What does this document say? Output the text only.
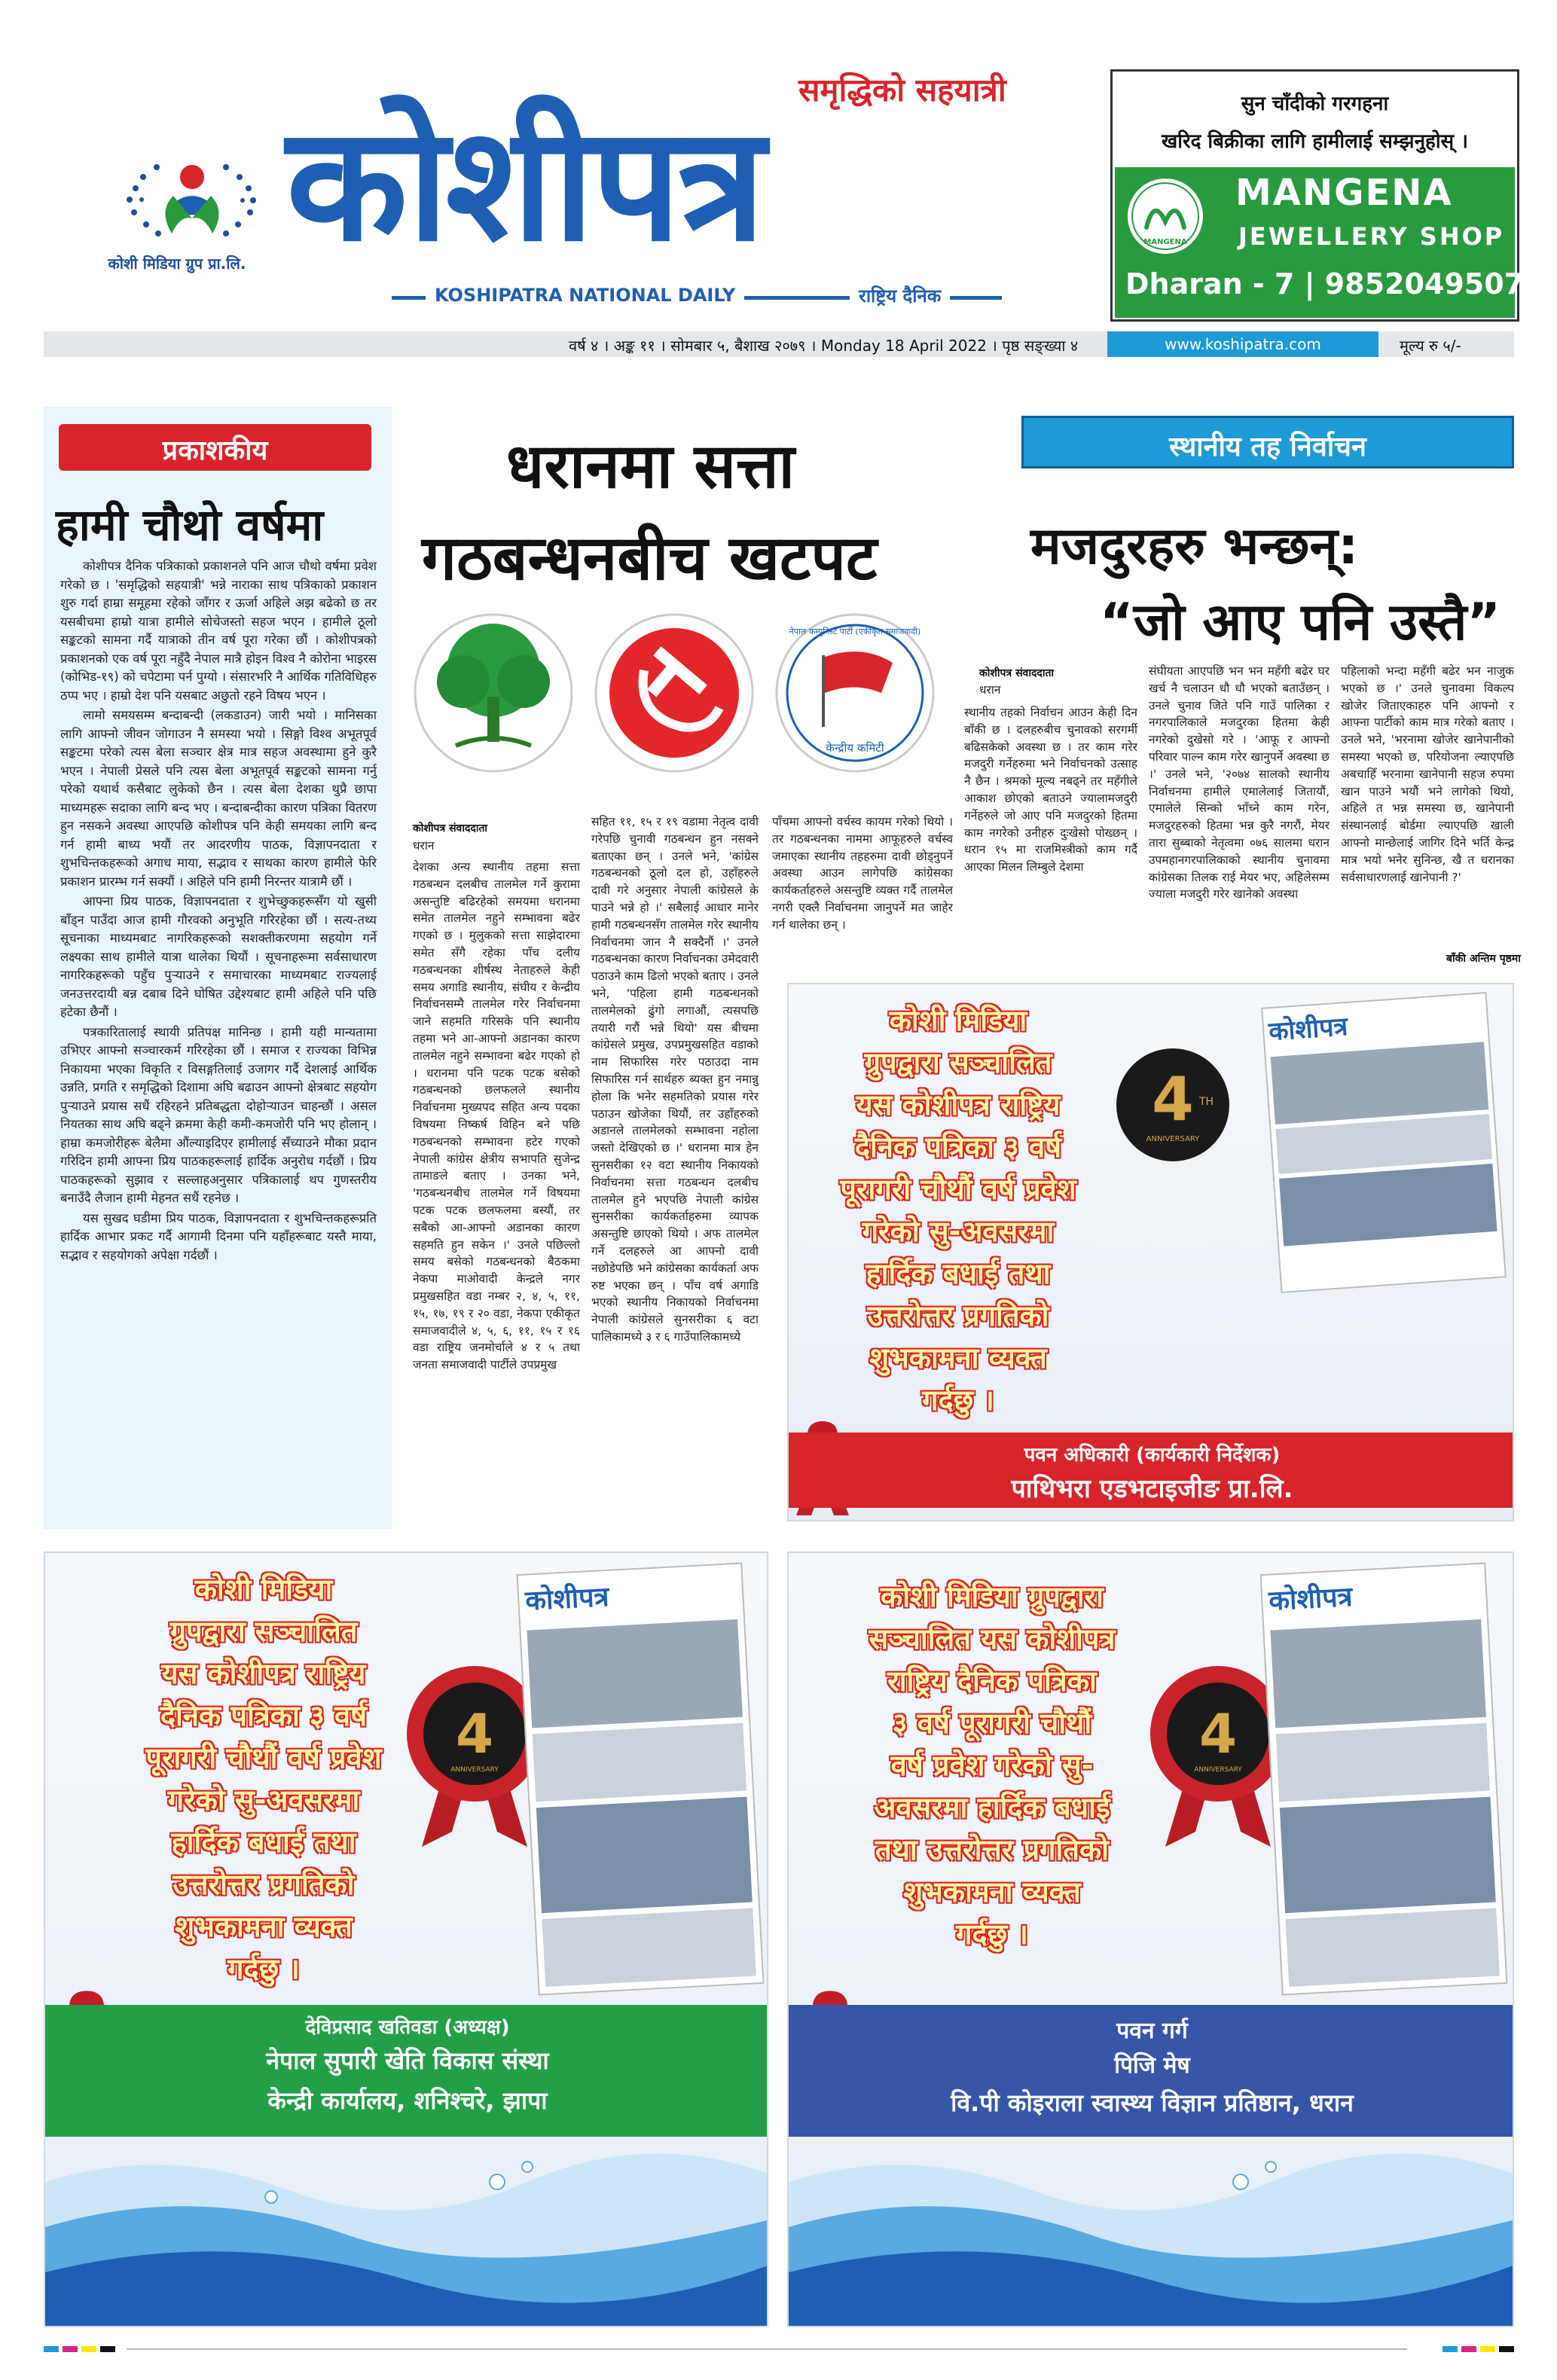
कोशी मिडिया ग्रुप प्रा.लि.
समृद्धिको सहयात्री
कोशीपत्र
KOSHIPATRA NATIONAL DAILY	राष्ट्रिय दैनिक
सुन चाँदीको गरगहना
खरिद बिक्रीका लागि हामीलाई सम्झनुहोस् ।
MANGENA
MANGENA
JEWELLERY SHOP
Dharan - 7 | 9852049507
वर्ष ४ । अङ्क ११ । सोमबार ५, बैशाख २०७९ । Monday 18 April 2022 । पृष्ठ सङ्ख्या ४	www.koshipatra.com	मूल्य रु ५/-
प्रकाशकीय
हामी चौथो वर्षमा

कोशीपत्र दैनिक पत्रिकाको प्रकाशनले पनि आज चौथो वर्षमा प्रवेश गरेको छ । 'समृद्धिको सहयात्री' भन्ने नाराका साथ पत्रिकाको प्रकाशन शुरु गर्दा हाम्रा समूहमा रहेको जाँगर र ऊर्जा अहिले अझ बढेको छ तर यसबीचमा हाम्रो यात्रा हामीले सोचेजस्तो सहज भएन । हामीले ठूलो सङ्कटको सामना गर्दै यात्राको तीन वर्ष पूरा गरेका छौं । कोशीपत्रको प्रकाशनको एक वर्ष पूरा नहुँदै नेपाल मात्रै होइन विश्व नै कोरोना भाइरस (कोभिड-१९) को चपेटामा पर्न पुग्यो । संसारभरि नै आर्थिक गतिविधिहरु ठप्प भए । हाम्रो देश पनि यसबाट अछुतो रहने विषय भएन ।

लामो समयसम्म बन्दाबन्दी (लकडाउन) जारी भयो । मानिसका लागि आफ्नो जीवन जोगाउन नै समस्या भयो । सिङ्गो विश्व अभूतपूर्व सङ्कटमा परेको त्यस बेला सञ्चार क्षेत्र मात्र सहज अवस्थामा हुने कुरै भएन । नेपाली प्रेसले पनि त्यस बेला अभूतपूर्व सङ्कटको सामना गर्नु परेको यथार्थ कसैबाट लुकेको छैन । त्यस बेला देशका थुप्रै छापा माध्यमहरू सदाका लागि बन्द भए । बन्दाबन्दीका कारण पत्रिका वितरण हुन नसकने अवस्था आएपछि कोशीपत्र पनि केही समयका लागि बन्द गर्न हामी बाध्य भयौं तर आदरणीय पाठक, विज्ञापनदाता र शुभचिन्तकहरूको अगाध माया, सद्भाव र साथका कारण हामीले फेरि प्रकाशन प्रारम्भ गर्न सक्यौं । अहिले पनि हामी निरन्तर यात्रामै छौं ।

आफ्ना प्रिय पाठक, विज्ञापनदाता र शुभेच्छुकहरूसँग यो खुसी बाँड्न पाउँदा आज हामी गौरवको अनुभूति गरिरहेका छौं । सत्य-तथ्य सूचनाका माध्यमबाट नागरिकहरूको सशक्तीकरणमा सहयोग गर्ने लक्ष्यका साथ हामीले यात्रा थालेका थियौं । सूचनाहरूमा सर्वसाधारण नागरिकहरूको पहुँच पुऱ्याउने र समाचारका माध्यमबाट राज्यलाई जनउत्तरदायी बन्न दबाब दिने घोषित उद्देश्यबाट हामी अहिले पनि पछि हटेका छैनौं ।

पत्रकारितालाई स्थायी प्रतिपक्ष मानिन्छ । हामी यही मान्यतामा उभिएर आफ्नो सञ्चारकर्म गरिरहेका छौं । समाज र राज्यका विभिन्न निकायमा भएका विकृति र विसङ्गतिलाई उजागर गर्दै देशलाई आर्थिक उन्नति, प्रगति र समृद्धिको दिशामा अघि बढाउन आफ्नो क्षेत्रबाट सहयोग पुऱ्याउने प्रयास सधैं रहिरहने प्रतिबद्धता दोहोऱ्याउन चाहन्छौं । असल नियतका साथ अघि बढ्ने क्रममा केही कमी-कमजोरी पनि भए होलान् । हाम्रा कमजोरीहरू बेलैमा औंल्याइदिएर हामीलाई सँच्याउने मौका प्रदान गरिदिन हामी आफ्ना प्रिय पाठकहरूलाई हार्दिक अनुरोध गर्दछौं । प्रिय पाठकहरूको सुझाव र सल्लाहअनुसार पत्रिकालाई थप गुणस्तरीय बनाउँदै लैजान हामी मेहनत सधैं रहनेछ ।

यस सुखद घडीमा प्रिय पाठक, विज्ञापनदाता र शुभचिन्तकहरूप्रति हार्दिक आभार प्रकट गर्दै आगामी दिनमा पनि यहाँहरूबाट यस्तै माया, सद्भाव र सहयोगको अपेक्षा गर्दछौं ।

धरानमा सत्ता
गठबन्धनबीच खटपट
केन्द्रीय कमिटी
नेपाल कम्युनिस्ट पार्टी (एकीकृत समाजवादी)
कोशीपत्र संवाददाता
धरान
देशका अन्य स्थानीय तहमा सत्ता गठबन्धन दलबीच तालमेल गर्ने कुरामा असन्तुष्टि बढिरहेको समयमा धरानमा समेत तालमेल नहुने सम्भावना बढेर गएको छ । मुलुकको सत्ता साझेदारमा समेत सँगै रहेका पाँच दलीय गठबन्धनका शीर्षस्थ नेताहरुले केही समय अगाडि स्थानीय, संघीय र केन्द्रीय निर्वाचनसम्मै तालमेल गरेर निर्वाचनमा जाने सहमति गरिसके पनि स्थानीय तहमा भने आ-आफ्नो अडानका कारण तालमेल नहुने सम्भावना बढेर गएको हो । धरानमा पनि पटक पटक बसेको गठबन्धनको छलफलले स्थानीय निर्वाचनमा मुख्यपद सहित अन्य पदका विषयमा निष्कर्ष विहिन बने पछि गठबन्धनको सम्भावना हटेर गएको नेपाली कांग्रेस क्षेत्रीय सभापति सुजेन्द्र तामाङले बताए । उनका भने, 'गठबन्धनबीच तालमेल गर्ने विषयमा पटक पटक छलफलमा बस्यौं, तर सबैको आ-आफ्नो अडानका कारण सहमति हुन सकेन ।' उनले पछिल्लो समय बसेको गठबन्धनको बैठकमा नेकपा माओवादी केन्द्रले नगर प्रमुखसहित वडा नम्बर २, ४, ५, ११, १५, १७, १९ र २० वडा, नेकपा एकीकृत समाजवादीले ४, ५, ६, ११, १५ र १६ वडा राष्ट्रिय जनमोर्चाले ४ र ५ तथा जनता समाजवादी पार्टीले उपप्रमुख
सहित ११, १५ र १९ वडामा नेतृत्व दावी गरेपछि चुनावी गठबन्धन हुन नसक्ने बताएका छन् । उनले भने, 'कांग्रेस गठबन्धनको ठूलो दल हो, उहाँहरुले दावी गरे अनुसार नेपाली कांग्रेसले के पाउने भन्ने हो ।' सबैलाई आधार मानेर हामी गठबन्धनसँग तालमेल गरेर स्थानीय निर्वाचनमा जान नै सक्दैनौं ।' उनले गठबन्धनका कारण निर्वाचनका उमेदवारी पठाउने काम ढिलो भएको बताए । उनले भने, 'पहिला हामी गठबन्धनको तालमेलको ढुंगो लगाऔं, त्यसपछि तयारी गरौं भन्ने थियो' यस बीचमा कांग्रेसले प्रमुख, उपप्रमुखसहित वडाको नाम सिफारिस गरेर पठाउदा नाम सिफारिस गर्न सार्थहरु ब्यक्त हुन नमान्नु होला कि भनेर सहमतिको प्रयास गरेर पठाउन खोजेका थियौं, तर उहाँहरुको अडानले तालमेलको सम्भावना नहोला जस्तो देखिएको छ ।' धरानमा मात्र हेन सुनसरीका १२ वटा स्थानीय निकायको निर्वाचनमा सत्ता गठबन्धन दलबीच तालमेल हुने भएपछि नेपाली कांग्रेस सुनसरीका कार्यकर्ताहरुमा व्यापक असन्तुष्टि छाएको थियो । अफ तालमेल गर्ने दलहरुले आ आफ्नो दावी नछोडेपछि भने कांग्रेसका कार्यकर्ता अफ रुष्ट भएका छन् । पाँच वर्ष अगाडि भएको स्थानीय निकायको निर्वाचनमा नेपाली कांग्रेसले सुनसरीका ६ वटा पालिकामध्ये ३ र ६ गाउँपालिकामध्ये
पाँचमा आफ्नो वर्चस्व कायम गरेको थियो । तर गठबन्धनका नाममा आफूहरुले वर्चस्व जमाएका स्थानीय तहहरुमा दावी छोड्नुपर्ने अवस्था आउन लागेपछि कांग्रेसका कार्यकर्ताहरुले असन्तुष्टि व्यक्त गर्दै तालमेल नगरी एक्लै निर्वाचनमा जानुपर्ने मत जाहेर गर्न थालेका छन् ।
स्थानीय तह निर्वाचन
मजदुरहरु भन्छन्:
“जो आए पनि उस्तै”
कोशीपत्र संवाददाता
धरान
स्थानीय तहको निर्वाचन आउन केही दिन बाँकी छ । दलहरुबीच चुनावको सरगर्मी बढिसकेको अवस्था छ । तर काम गरेर मजदुरी गर्नेहरुमा भने निर्वाचनको उत्साह नै छैन । श्रमको मूल्य नबढ्ने तर महँगीले आकाश छोएको बताउने ज्यालामजदुरी गर्नेहरुले जो आए पनि मजदुरको हितमा काम नगरेको उनीहरु दुःखेसो पोख्छन् । धरान १५ मा राजमिस्त्रीको काम गर्दै आएका मिलन लिम्बुले देशमा
संघीयता आएपछि भन भन महँगी बढेर घर खर्च नै चलाउन धौ धौ भएको बताउँछन् । उनले चुनाव जिते पनि गाउँ पालिका र नगरपालिकाले मजदुरका हितमा केही नगरेको दुखेसो गरे । 'आफू र आफ्नो परिवार पाल्न काम गरेर खानुपर्ने अवस्था छ ।' उनले भने, '२०७४ सालको स्थानीय निर्वाचनमा हामीले एमालेलाई जितायौं, एमालेले सिन्को भाँच्ने काम गरेन, मजदुरहरुको हितमा भन्न कुरै नगरौं, मेयर तारा सुब्बाको नेतृत्वमा ०७६ सालमा धरान उपमहानगरपालिकाको स्थानीय चुनावमा कांग्रेसका तिलक राई मेयर भए, अहिलेसम्म ज्याला मजदुरी गरेर खानेको अवस्था
पहिलाको भन्दा महँगी बढेर भन नाजुक भएको छ ।' उनले चुनावमा विकल्प खोजेर जिताएकाहरु पनि आफ्नो र आफ्ना पार्टीको काम मात्र गरेको बताए । उनले भने, 'भरनामा खोजेर खानेपानीको समस्या भएको छ, परियोजना ल्याएपछि अबचाहिँ भरनामा खानेपानी सहज रुपमा खान पाउने भयौं भने लागेको थियो, अहिले त भन्न समस्या छ, खानेपानी संस्थानलाई बोर्डमा ल्याएपछि खाली आफ्नो मान्छेलाई जागिर दिने भर्ति केन्द्र मात्र भयो भनेर सुनिन्छ, खै त धरानका सर्वसाधारणलाई खानेपानी ?'
बाँकी अन्तिम पृष्ठमा
कोशी मिडिया
ग्रुपद्वारा सञ्चालित
यस कोशीपत्र राष्ट्रिय
दैनिक पत्रिका ३ वर्ष
पूरागरी चौथौं वर्ष प्रवेश
गरेको सु-अवसरमा
हार्दिक बधाई तथा
उत्तरोत्तर प्रगतिको
शुभकामना व्यक्त
गर्दछु ।
4 TH
ANNIVERSARY
कोशीपत्र
पवन अधिकारी (कार्यकारी निर्देशक)
पाथिभरा एडभटाइजीङ प्रा.लि.
कोशी मिडिया
ग्रुपद्वारा सञ्चालित
यस कोशीपत्र राष्ट्रिय
दैनिक पत्रिका ३ वर्ष
पूरागरी चौथौं वर्ष प्रवेश
गरेको सु-अवसरमा
हार्दिक बधाई तथा
उत्तरोत्तर प्रगतिको
शुभकामना व्यक्त
गर्दछु ।
4
ANNIVERSARY
कोशीपत्र
देविप्रसाद खतिवडा (अध्यक्ष)
नेपाल सुपारी खेति विकास संस्था
केन्द्री कार्यालय, शनिश्चरे, झापा
कोशी मिडिया ग्रुपद्वारा
सञ्चालित यस कोशीपत्र
राष्ट्रिय दैनिक पत्रिका
३ वर्ष पूरागरी चौथौं
वर्ष प्रवेश गरेको सु-
अवसरमा हार्दिक बधाई
तथा उत्तरोत्तर प्रगतिको
शुभकामना व्यक्त
गर्दछु ।
4
ANNIVERSARY
कोशीपत्र
पवन गर्ग
पिजि मेष
वि.पी कोइराला स्वास्थ्य विज्ञान प्रतिष्ठान, धरान
